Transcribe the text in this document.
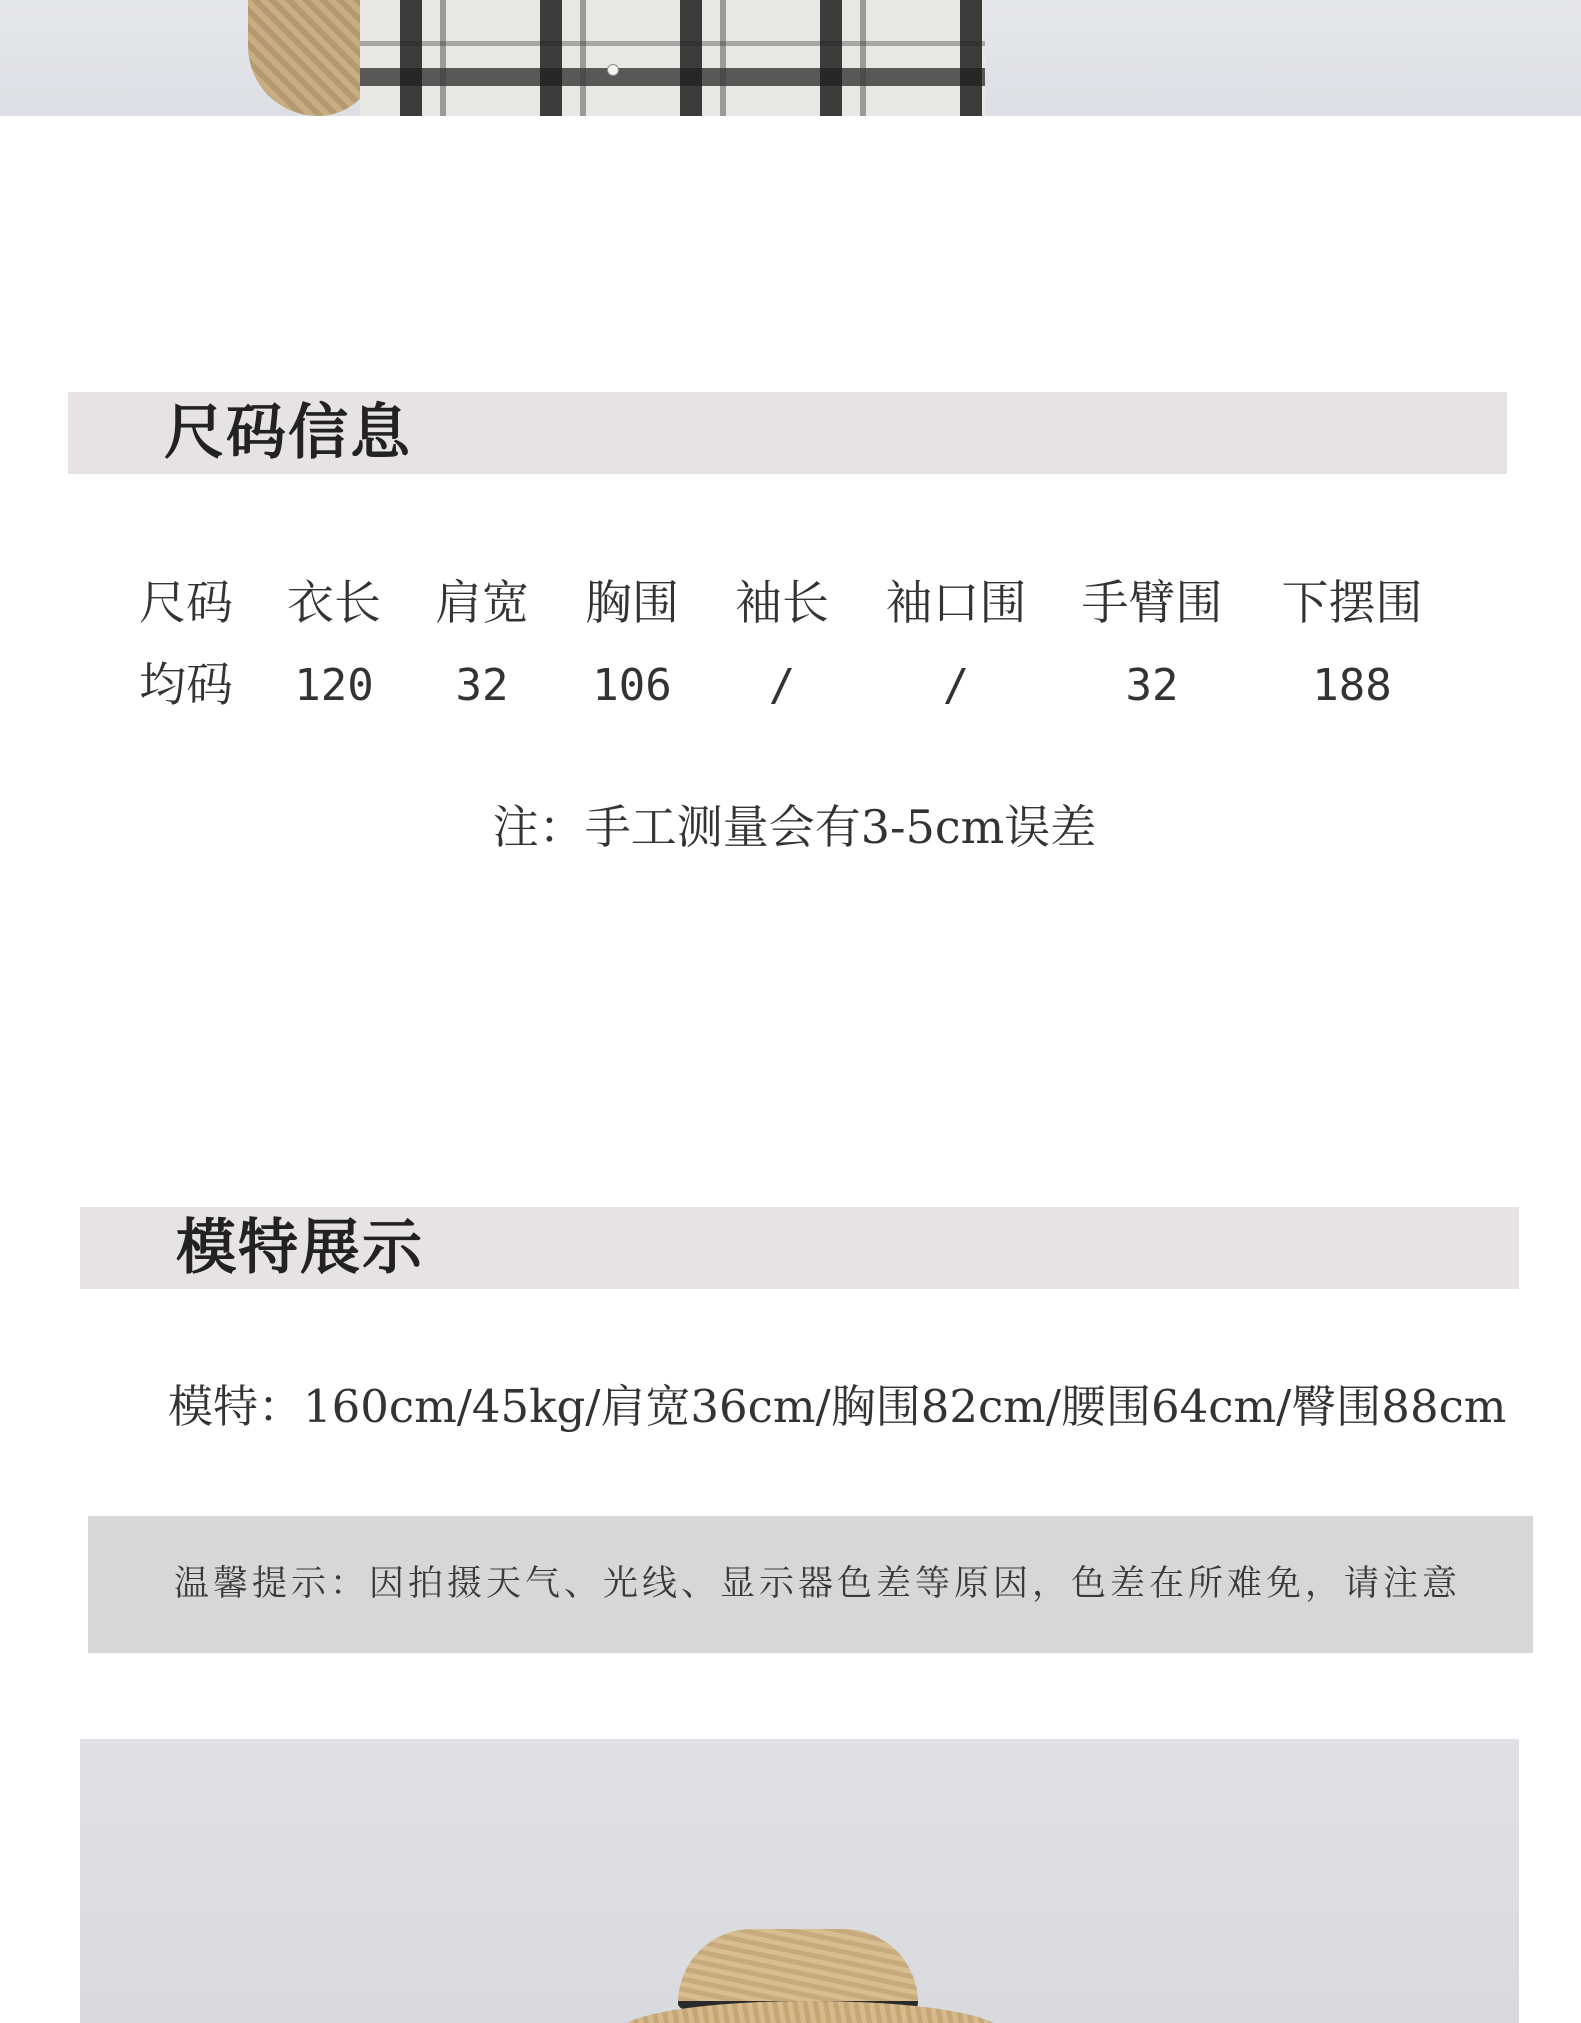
尺码信息
尺码 衣长 肩宽 胸围 袖长 袖口围 手臂围 下摆围
均码 120 32 106 /	/	32	188
注：手工测量会有3-5cm误差
模特展示
模特：160cm/45kg/肩宽36cm/胸围82cm/腰围64cm/臀围88cm
温馨提示：因拍摄天气、光线、显示器色差等原因，色差在所难免，请注意
